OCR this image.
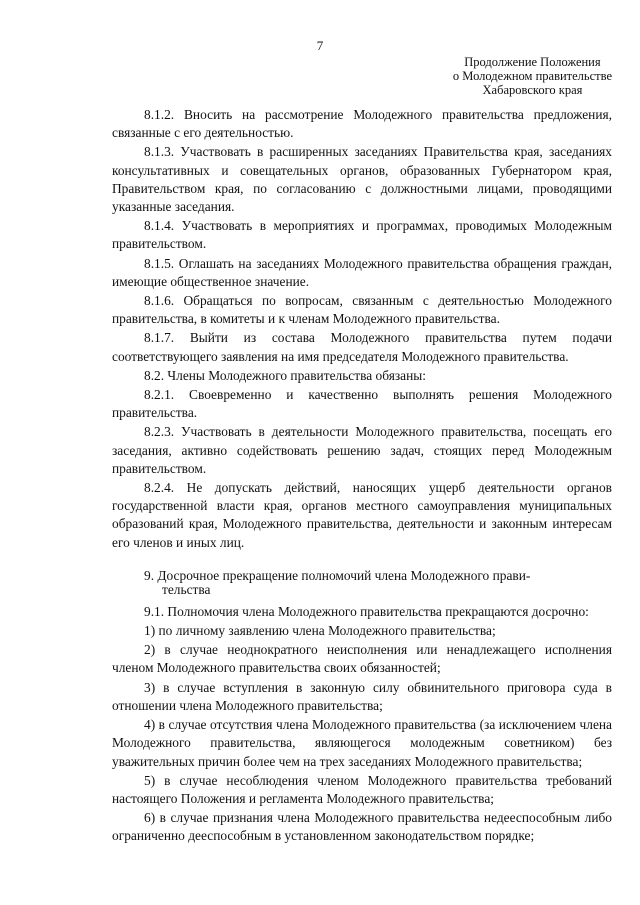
7
Продолжение Положения
о Молодежном правительстве
Хабаровского края

8.1.2. Вносить на рассмотрение Молодежного правительства предложения, связанные с его деятельностью.

8.1.3. Участвовать в расширенных заседаниях Правительства края, заседаниях консультативных и совещательных органов, образованных Губернатором края, Правительством края, по согласованию с должностными лицами, проводящими указанные заседания.

8.1.4. Участвовать в мероприятиях и программах, проводимых Молодежным правительством.

8.1.5. Оглашать на заседаниях Молодежного правительства обращения граждан, имеющие общественное значение.

8.1.6. Обращаться по вопросам, связанным с деятельностью Молодежного правительства, в комитеты и к членам Молодежного правительства.

8.1.7. Выйти из состава Молодежного правительства путем подачи соответствующего заявления на имя председателя Молодежного правительства.

8.2. Члены Молодежного правительства обязаны:

8.2.1. Своевременно и качественно выполнять решения Молодежного правительства.

8.2.3. Участвовать в деятельности Молодежного правительства, посещать его заседания, активно содействовать решению задач, стоящих перед Молодежным правительством.

8.2.4. Не допускать действий, наносящих ущерб деятельности органов государственной власти края, органов местного самоуправления муниципальных образований края, Молодежного правительства, деятельности и законным интересам его членов и иных лиц.

9. Досрочное прекращение полномочий члена Молодежного прави-
тельства

9.1. Полномочия члена Молодежного правительства прекращаются досрочно:

1) по личному заявлению члена Молодежного правительства;

2) в случае неоднократного неисполнения или ненадлежащего исполнения членом Молодежного правительства своих обязанностей;

3) в случае вступления в законную силу обвинительного приговора суда в отношении члена Молодежного правительства;

4) в случае отсутствия члена Молодежного правительства (за исключением члена Молодежного правительства, являющегося молодежным советником) без уважительных причин более чем на трех заседаниях Молодежного правительства;

5) в случае несоблюдения членом Молодежного правительства требований настоящего Положения и регламента Молодежного правительства;

6) в случае признания члена Молодежного правительства недееспособным либо ограниченно дееспособным в установленном законодательством порядке;
